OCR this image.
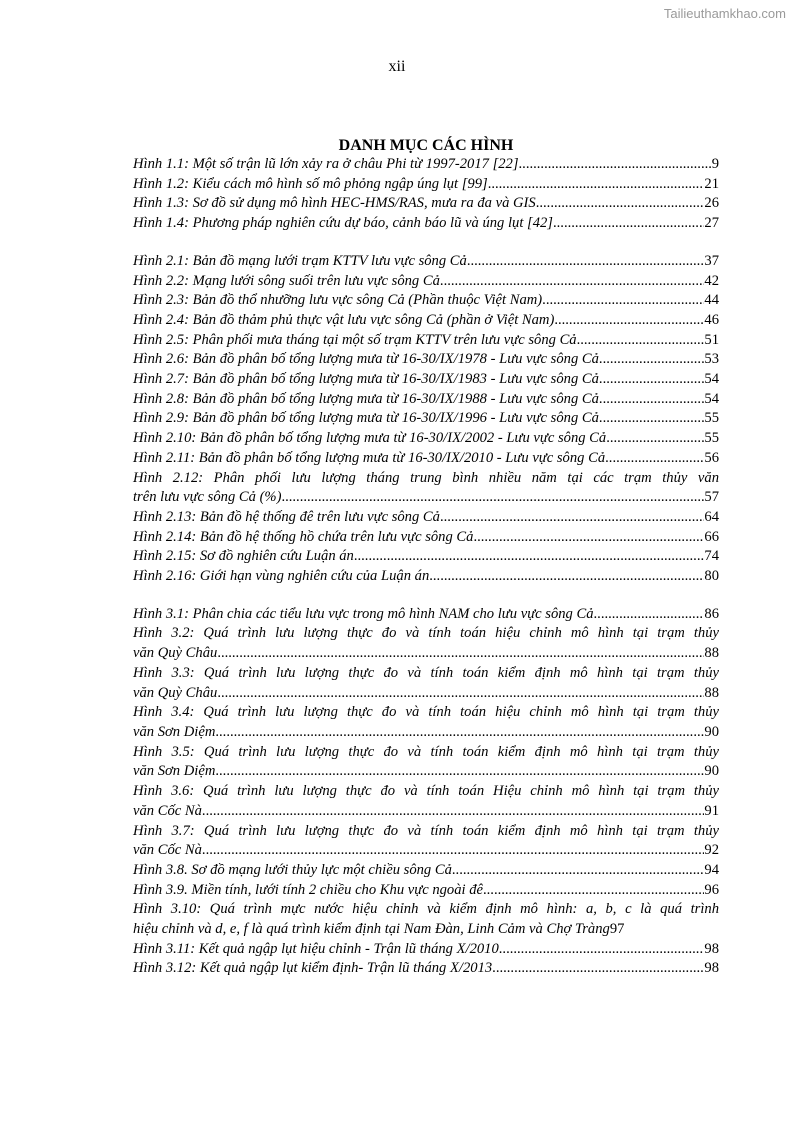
Tailieuthamkhao.com
xii
DANH MỤC CÁC HÌNH
Hình 1.1: Một số trận lũ lớn xảy ra ở châu Phi từ 1997-2017 [22] .....	9
Hình 1.2: Kiểu cách mô hình số mô phỏng ngập úng lụt [99] .....	21
Hình 1.3: Sơ đồ sử dụng mô hình HEC-HMS/RAS, mưa ra đa và GIS .....	26
Hình 1.4: Phương pháp nghiên cứu dự báo, cảnh báo lũ và úng lụt [42] .....	27
Hình 2.1: Bản đồ mạng lưới trạm KTTV lưu vực sông Cả .....	37
Hình 2.2: Mạng lưới sông suối trên lưu vực sông Cả .....	42
Hình 2.3: Bản đồ thổ nhưỡng lưu vực sông Cả (Phần thuộc Việt Nam) .....	44
Hình 2.4: Bản đồ thảm phủ thực vật lưu vực sông Cả (phần ở Việt Nam) .....	46
Hình 2.5: Phân phối mưa tháng tại một số trạm KTTV trên lưu vực sông Cả .....	51
Hình 2.6: Bản đồ phân bố tổng lượng mưa từ 16-30/IX/1978 - Lưu vực sông Cả .....	53
Hình 2.7: Bản đồ phân bố tổng lượng mưa từ 16-30/IX/1983 - Lưu vực sông Cả .....	54
Hình 2.8: Bản đồ phân bố tổng lượng mưa từ 16-30/IX/1988 - Lưu vực sông Cả .....	54
Hình 2.9: Bản đồ phân bố tổng lượng mưa từ 16-30/IX/1996 - Lưu vực sông Cả .....	55
Hình 2.10: Bản đồ phân bố tổng lượng mưa từ 16-30/IX/2002 - Lưu vực sông Cả .....	55
Hình 2.11: Bản đồ phân bố tổng lượng mưa từ 16-30/IX/2010 - Lưu vực sông Cả .....	56
Hình 2.12: Phân phối lưu lượng tháng trung bình nhiều năm tại các trạm thủy văn
trên lưu vực sông Cả (%) .....	57
Hình 2.13: Bản đồ hệ thống đê trên lưu vực sông Cả .....	64
Hình 2.14: Bản đồ hệ thống hồ chứa trên lưu vực sông Cả .....	66
Hình 2.15: Sơ đồ nghiên cứu Luận án .....	74
Hình 2.16: Giới hạn vùng nghiên cứu của Luận án .....	80
Hình 3.1: Phân chia các tiểu lưu vực trong mô hình NAM cho lưu vực sông Cả .....	86
Hình 3.2: Quá trình lưu lượng thực đo và tính toán hiệu chỉnh mô hình tại trạm thủy
văn Quỳ Châu .....	88
Hình 3.3: Quá trình lưu lượng thực đo và tính toán kiểm định mô hình tại trạm thủy
văn Quỳ Châu .....	88
Hình 3.4: Quá trình lưu lượng thực đo và tính toán hiệu chỉnh mô hình tại trạm thủy
văn Sơn Diệm .....	90
Hình 3.5: Quá trình lưu lượng thực đo và tính toán kiểm định mô hình tại trạm thủy
văn Sơn Diệm .....	90
Hình 3.6: Quá trình lưu lượng thực đo và tính toán Hiệu chỉnh mô hình tại trạm thủy
văn Cốc Nà .....	91
Hình 3.7: Quá trình lưu lượng thực đo và tính toán kiểm định mô hình tại trạm thủy
văn Cốc Nà .....	92
Hình 3.8. Sơ đồ mạng lưới thủy lực một chiều sông Cả .....	94
Hình 3.9. Miền tính, lưới tính 2 chiều cho Khu vực ngoài đê .....	96
Hình 3.10: Quá trình mực nước hiệu chỉnh và kiểm định mô hình: a, b, c là quá trình
hiệu chỉnh và d, e, f là quá trình kiểm định tại Nam Đàn, Linh Cảm và Chợ Tràng 97
Hình 3.11: Kết quả ngập lụt hiệu chỉnh - Trận lũ tháng X/2010 .....	98
Hình 3.12: Kết quả ngập lụt kiểm định- Trận lũ tháng X/2013 .....	98
